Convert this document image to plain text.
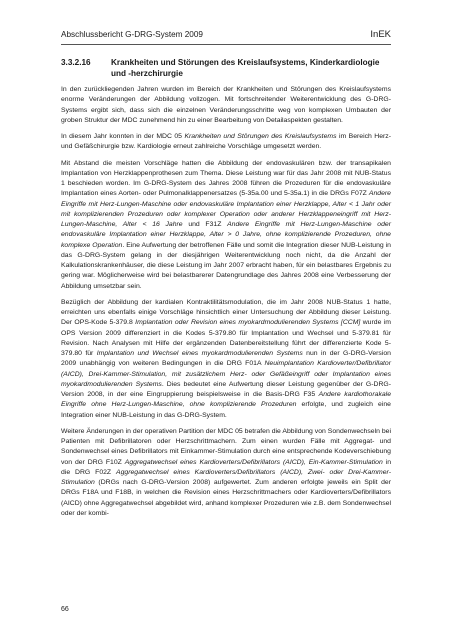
Abschlussbericht G-DRG-System 2009	InEK
3.3.2.16	Krankheiten und Störungen des Kreislaufsystems, Kinderkardiologie und -herzchirurgie

In den zurückliegenden Jahren wurden im Bereich der Krankheiten und Störungen des Kreislaufsystems enorme Veränderungen der Abbildung vollzogen. Mit fortschreitender Weiterentwicklung des G-DRG-Systems ergibt sich, dass sich die einzelnen Veränderungsschritte weg von komplexen Umbauten der groben Struktur der MDC zunehmend hin zu einer Bearbeitung von Detailaspekten gestalten.

In diesem Jahr konnten in der MDC 05 Krankheiten und Störungen des Kreislaufsystems im Bereich Herz- und Gefäßchirurgie bzw. Kardiologie erneut zahlreiche Vorschläge umgesetzt werden.

Mit Abstand die meisten Vorschläge hatten die Abbildung der endovaskulären bzw. der transapikalen Implantation von Herzklappenprothesen zum Thema. Diese Leistung war für das Jahr 2008 mit NUB-Status 1 beschieden worden. Im G-DRG-System des Jahres 2008 führen die Prozeduren für die endovaskuläre Implantation eines Aorten- oder Pulmonalklappenersatzes (5-35a.00 und 5-35a.1) in die DRGs F07Z Andere Eingriffe mit Herz-Lungen-Maschine oder endovaskuläre Implantation einer Herzklappe, Alter < 1 Jahr oder mit komplizierenden Prozeduren oder komplexer Operation oder anderer Herzklappeneingriff mit Herz-Lungen-Maschine, Alter < 16 Jahre und F31Z Andere Eingriffe mit Herz-Lungen-Maschine oder endovaskuläre Implantation einer Herzklappe, Alter > 0 Jahre, ohne komplizierende Prozeduren, ohne komplexe Operation. Eine Aufwertung der betroffenen Fälle und somit die Integration dieser NUB-Leistung in das G-DRG-System gelang in der diesjährigen Weiterentwicklung noch nicht, da die Anzahl der Kalkulationskrankenhäuser, die diese Leistung im Jahr 2007 erbracht haben, für ein belastbares Ergebnis zu gering war. Möglicherweise wird bei belastbarerer Datengrundlage des Jahres 2008 eine Verbesserung der Abbildung umsetzbar sein.

Bezüglich der Abbildung der kardialen Kontraktilitätsmodulation, die im Jahr 2008 NUB-Status 1 hatte, erreichten uns ebenfalls einige Vorschläge hinsichtlich einer Untersuchung der Abbildung dieser Leistung. Der OPS-Kode 5-379.8 Implantation oder Revision eines myokardmodulierenden Systems [CCM] wurde im OPS Version 2009 differenziert in die Kodes 5-379.80 für Implantation und Wechsel und 5-379.81 für Revision. Nach Analysen mit Hilfe der ergänzenden Datenbereitstellung führt der differenzierte Kode 5-379.80 für Implantation und Wechsel eines myokardmodulierenden Systems nun in der G-DRG-Version 2009 unabhängig von weiteren Bedingungen in die DRG F01A Neuimplantation Kardioverter/Defibrillator (AICD), Drei-Kammer-Stimulation, mit zusätzlichem Herz- oder Gefäßeingriff oder Implantation eines myokardmodulierenden Systems. Dies bedeutet eine Aufwertung dieser Leistung gegenüber der G-DRG-Version 2008, in der eine Eingruppierung beispielsweise in die Basis-DRG F35 Andere kardiothorakale Eingriffe ohne Herz-Lungen-Maschine, ohne komplizierende Prozeduren erfolgte, und zugleich eine Integration einer NUB-Leistung in das G-DRG-System.

Weitere Änderungen in der operativen Partition der MDC 05 betrafen die Abbildung von Sondenwechseln bei Patienten mit Defibrillatoren oder Herzschrittmachern. Zum einen wurden Fälle mit Aggregat- und Sondenwechsel eines Defibrillators mit Einkammer-Stimulation durch eine entsprechende Kodeverschiebung von der DRG F10Z Aggregatwechsel eines Kardioverters/Defibrillators (AICD), Ein-Kammer-Stimulation in die DRG F02Z Aggregatwechsel eines Kardioverters/Defibrillators (AICD), Zwei- oder Drei-Kammer-Stimulation (DRGs nach G-DRG-Version 2008) aufgewertet. Zum anderen erfolgte jeweils ein Split der DRGs F18A und F18B, in welchen die Revision eines Herzschrittmachers oder Kardioverters/Defibrillators (AICD) ohne Aggregatwechsel abgebildet wird, anhand komplexer Prozeduren wie z.B. dem Sondenwechsel oder der kombi-

66
